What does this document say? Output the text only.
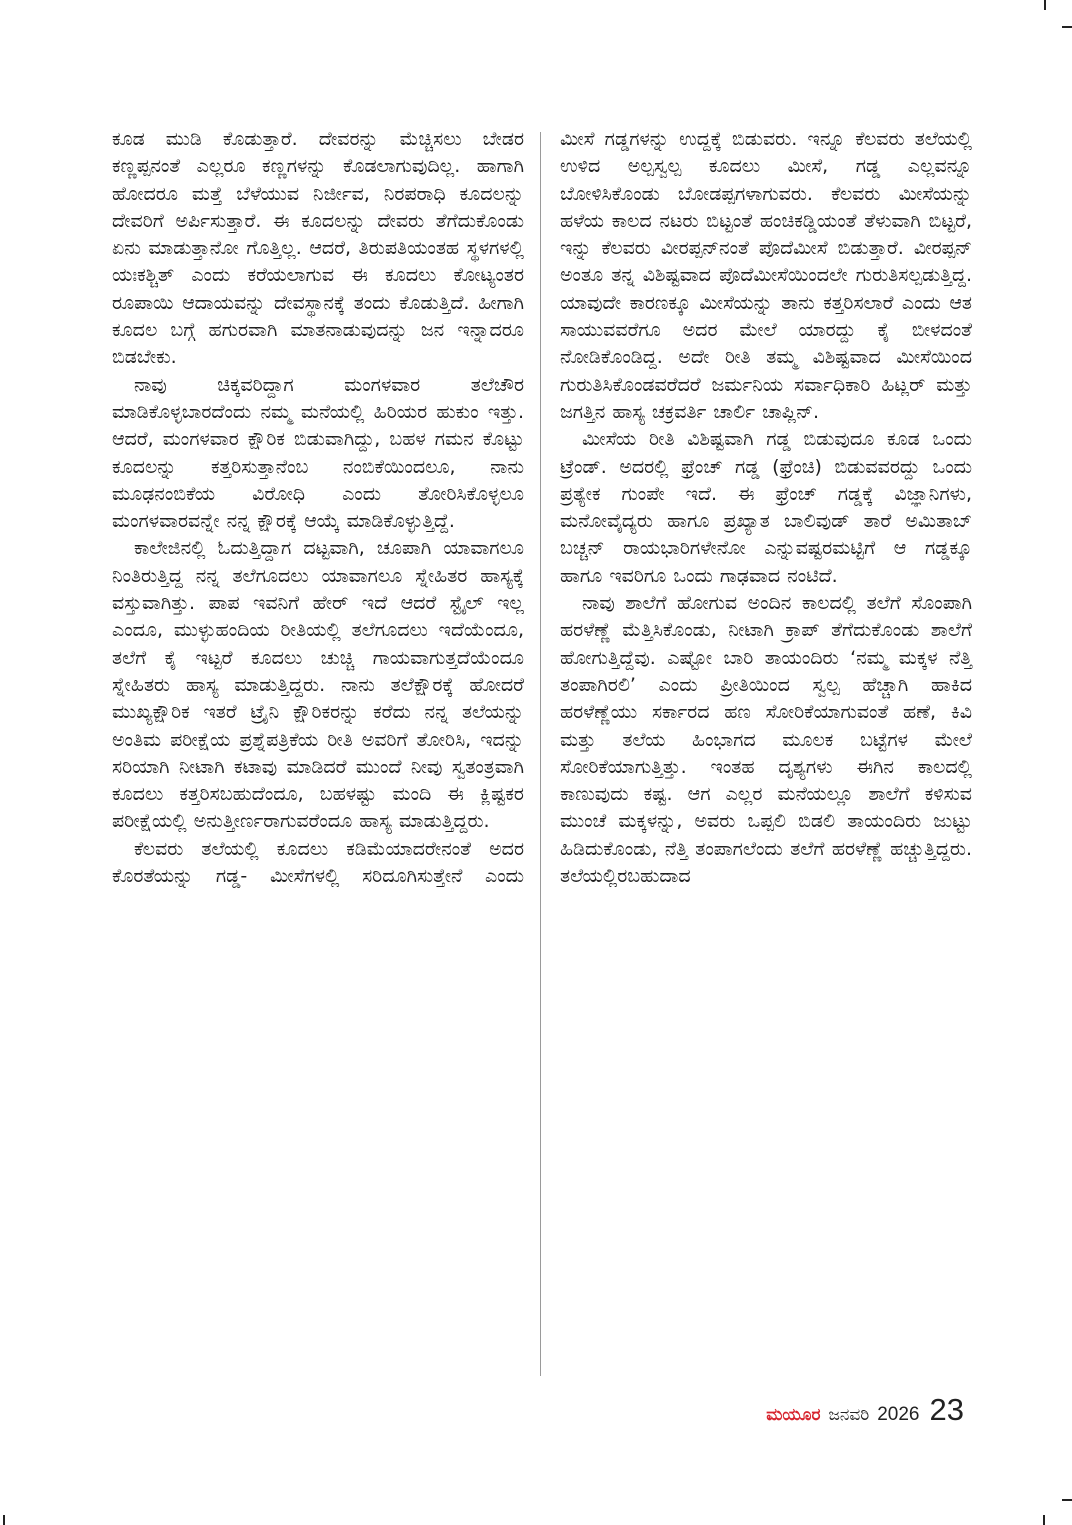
ಕೂಡ ಮುಡಿ ಕೊಡುತ್ತಾರೆ. ದೇವರನ್ನು ಮೆಚ್ಚಿಸಲು ಬೇಡರ ಕಣ್ಣಪ್ಪನಂತೆ ಎಲ್ಲರೂ ಕಣ್ಣಗಳನ್ನು ಕೊಡಲಾಗುವುದಿಲ್ಲ. ಹಾಗಾಗಿ ಹೋದರೂ ಮತ್ತೆ ಬೆಳೆಯುವ ನಿರ್ಜೀವ, ನಿರಪರಾಧಿ ಕೂದಲನ್ನು ದೇವರಿಗೆ ಅರ್ಪಿಸುತ್ತಾರೆ. ಈ ಕೂದಲನ್ನು ದೇವರು ತೆಗೆದುಕೊಂಡು ಏನು ಮಾಡುತ್ತಾನೋ ಗೊತ್ತಿಲ್ಲ. ಆದರೆ, ತಿರುಪತಿಯಂತಹ ಸ್ಥಳಗಳಲ್ಲಿ ಯಃಕಶ್ಚಿತ್ ಎಂದು ಕರೆಯಲಾಗುವ ಈ ಕೂದಲು ಕೋಟ್ಯಂತರ ರೂಪಾಯಿ ಆದಾಯವನ್ನು ದೇವಸ್ಥಾನಕ್ಕೆ ತಂದು ಕೊಡುತ್ತಿದೆ. ಹೀಗಾಗಿ ಕೂದಲ ಬಗ್ಗೆ ಹಗುರವಾಗಿ ಮಾತನಾಡುವುದನ್ನು ಜನ ಇನ್ನಾದರೂ ಬಿಡಬೇಕು.

ನಾವು ಚಿಕ್ಕವರಿದ್ದಾಗ ಮಂಗಳವಾರ ತಲೆಚೌರ ಮಾಡಿಕೊಳ್ಳಬಾರದೆಂದು ನಮ್ಮ ಮನೆಯಲ್ಲಿ ಹಿರಿಯರ ಹುಕುಂ ಇತ್ತು. ಆದರೆ, ಮಂಗಳವಾರ ಕ್ಷೌರಿಕ ಬಿಡುವಾಗಿದ್ದು, ಬಹಳ ಗಮನ ಕೊಟ್ಟು ಕೂದಲನ್ನು ಕತ್ತರಿಸುತ್ತಾನೆಂಬ ನಂಬಿಕೆಯಿಂದಲೂ, ನಾನು ಮೂಢನಂಬಿಕೆಯ ವಿರೋಧಿ ಎಂದು ತೋರಿಸಿಕೊಳ್ಳಲೂ ಮಂಗಳವಾರವನ್ನೇ ನನ್ನ ಕ್ಷೌರಕ್ಕೆ ಆಯ್ಕೆ ಮಾಡಿಕೊಳ್ಳುತ್ತಿದ್ದೆ.

ಕಾಲೇಜಿನಲ್ಲಿ ಓದುತ್ತಿದ್ದಾಗ ದಟ್ಟವಾಗಿ, ಚೂಪಾಗಿ ಯಾವಾಗಲೂ ನಿಂತಿರುತ್ತಿದ್ದ ನನ್ನ ತಲೆಗೂದಲು ಯಾವಾಗಲೂ ಸ್ನೇಹಿತರ ಹಾಸ್ಯಕ್ಕೆ ವಸ್ತುವಾಗಿತ್ತು. ಪಾಪ ಇವನಿಗೆ ಹೇರ್ ಇದೆ ಆದರೆ ಸ್ಟೈಲ್ ಇಲ್ಲ ಎಂದೂ, ಮುಳ್ಳುಹಂದಿಯ ರೀತಿಯಲ್ಲಿ ತಲೆಗೂದಲು ಇದೆಯೆಂದೂ, ತಲೆಗೆ ಕೈ ಇಟ್ಟರೆ ಕೂದಲು ಚುಚ್ಚಿ ಗಾಯವಾಗುತ್ತದೆಯೆಂದೂ ಸ್ನೇಹಿತರು ಹಾಸ್ಯ ಮಾಡುತ್ತಿದ್ದರು. ನಾನು ತಲೆಕ್ಷೌರಕ್ಕೆ ಹೋದರೆ ಮುಖ್ಯಕ್ಷೌರಿಕ ಇತರೆ ಟ್ರೈನಿ ಕ್ಷೌರಿಕರನ್ನು ಕರೆದು ನನ್ನ ತಲೆಯನ್ನು ಅಂತಿಮ ಪರೀಕ್ಷೆಯ ಪ್ರಶ್ನೆಪತ್ರಿಕೆಯ ರೀತಿ ಅವರಿಗೆ ತೋರಿಸಿ, ಇದನ್ನು ಸರಿಯಾಗಿ ನೀಟಾಗಿ ಕಟಾವು ಮಾಡಿದರೆ ಮುಂದೆ ನೀವು ಸ್ವತಂತ್ರವಾಗಿ ಕೂದಲು ಕತ್ತರಿಸಬಹುದೆಂದೂ, ಬಹಳಷ್ಟು ಮಂದಿ ಈ ಕ್ಲಿಷ್ಟಕರ ಪರೀಕ್ಷೆಯಲ್ಲಿ ಅನುತ್ತೀರ್ಣರಾಗುವರೆಂದೂ ಹಾಸ್ಯ ಮಾಡುತ್ತಿದ್ದರು.

ಕೆಲವರು ತಲೆಯಲ್ಲಿ ಕೂದಲು ಕಡಿಮೆಯಾದರೇನಂತೆ ಅದರ ಕೊರತೆಯನ್ನು ಗಡ್ಡ- ಮೀಸೆಗಳಲ್ಲಿ ಸರಿದೂಗಿಸುತ್ತೇನೆ ಎಂದು

ಮೀಸೆ ಗಡ್ಡಗಳನ್ನು ಉದ್ದಕ್ಕೆ ಬಿಡುವರು. ಇನ್ನೂ ಕೆಲವರು ತಲೆಯಲ್ಲಿ ಉಳಿದ ಅಲ್ಪಸ್ವಲ್ಪ ಕೂದಲು ಮೀಸೆ, ಗಡ್ಡ ಎಲ್ಲವನ್ನೂ ಬೋಳಿಸಿಕೊಂಡು ಬೋಡಪ್ಪಗಳಾಗುವರು. ಕೆಲವರು ಮೀಸೆಯನ್ನು ಹಳೆಯ ಕಾಲದ ನಟರು ಬಿಟ್ಟಂತೆ ಹಂಚಿಕಡ್ಡಿಯಂತೆ ತೆಳುವಾಗಿ ಬಿಟ್ಟರೆ, ಇನ್ನು ಕೆಲವರು ವೀರಪ್ಪನ್‌ನಂತೆ ಪೊದೆಮೀಸೆ ಬಿಡುತ್ತಾರೆ. ವೀರಪ್ಪನ್ ಅಂತೂ ತನ್ನ ವಿಶಿಷ್ಟವಾದ ಪೊದೆಮೀಸೆಯಿಂದಲೇ ಗುರುತಿಸಲ್ಪಡುತ್ತಿದ್ದ. ಯಾವುದೇ ಕಾರಣಕ್ಕೂ ಮೀಸೆಯನ್ನು ತಾನು ಕತ್ತರಿಸಲಾರೆ ಎಂದು ಆತ ಸಾಯುವವರೆಗೂ ಅದರ ಮೇಲೆ ಯಾರದ್ದು ಕೈ ಬೀಳದಂತೆ ನೋಡಿಕೊಂಡಿದ್ದ. ಅದೇ ರೀತಿ ತಮ್ಮ ವಿಶಿಷ್ಟವಾದ ಮೀಸೆಯಿಂದ ಗುರುತಿಸಿಕೊಂಡವರೆದರೆ ಜರ್ಮನಿಯ ಸರ್ವಾಧಿಕಾರಿ ಹಿಟ್ಲರ್ ಮತ್ತು ಜಗತ್ತಿನ ಹಾಸ್ಯ ಚಕ್ರವರ್ತಿ ಚಾರ್ಲಿ ಚಾಪ್ಲಿನ್.

ಮೀಸೆಯ ರೀತಿ ವಿಶಿಷ್ಟವಾಗಿ ಗಡ್ಡ ಬಿಡುವುದೂ ಕೂಡ ಒಂದು ಟ್ರೆಂಡ್. ಅದರಲ್ಲಿ ಫ್ರೆಂಚ್ ಗಡ್ಡ (ಫ್ರೆಂಚಿ) ಬಿಡುವವರದ್ದು ಒಂದು ಪ್ರತ್ಯೇಕ ಗುಂಪೇ ಇದೆ. ಈ ಫ್ರೆಂಚ್ ಗಡ್ಡಕ್ಕೆ ವಿಜ್ಞಾನಿಗಳು, ಮನೋವೈದ್ಯರು ಹಾಗೂ ಪ್ರಖ್ಯಾತ ಬಾಲಿವುಡ್ ತಾರೆ ಅಮಿತಾಬ್ ಬಚ್ಚನ್ ರಾಯಭಾರಿಗಳೇನೋ ಎನ್ನುವಷ್ಟರಮಟ್ಟಿಗೆ ಆ ಗಡ್ಡಕ್ಕೂ ಹಾಗೂ ಇವರಿಗೂ ಒಂದು ಗಾಢವಾದ ನಂಟಿದೆ.

ನಾವು ಶಾಲೆಗೆ ಹೋಗುವ ಅಂದಿನ ಕಾಲದಲ್ಲಿ ತಲೆಗೆ ಸೊಂಪಾಗಿ ಹರಳೆಣ್ಣೆ ಮೆತ್ತಿಸಿಕೊಂಡು, ನೀಟಾಗಿ ಕ್ರಾಪ್ ತೆಗೆದುಕೊಂಡು ಶಾಲೆಗೆ ಹೋಗುತ್ತಿದ್ದೆವು. ಎಷ್ಟೋ ಬಾರಿ ತಾಯಂದಿರು ‘ನಮ್ಮ ಮಕ್ಕಳ ನೆತ್ತಿ ತಂಪಾಗಿರಲಿ’ ಎಂದು ಪ್ರೀತಿಯಿಂದ ಸ್ವಲ್ಪ ಹೆಚ್ಚಾಗಿ ಹಾಕಿದ ಹರಳೆಣ್ಣೆಯು ಸರ್ಕಾರದ ಹಣ ಸೋರಿಕೆಯಾಗುವಂತೆ ಹಣೆ, ಕಿವಿ ಮತ್ತು ತಲೆಯ ಹಿಂಭಾಗದ ಮೂಲಕ ಬಟ್ಟೆಗಳ ಮೇಲೆ ಸೋರಿಕೆಯಾಗುತ್ತಿತ್ತು. ಇಂತಹ ದೃಶ್ಯಗಳು ಈಗಿನ ಕಾಲದಲ್ಲಿ ಕಾಣುವುದು ಕಷ್ಟ. ಆಗ ಎಲ್ಲರ ಮನೆಯಲ್ಲೂ ಶಾಲೆಗೆ ಕಳಿಸುವ ಮುಂಚೆ ಮಕ್ಕಳನ್ನು, ಅವರು ಒಪ್ಪಲಿ ಬಿಡಲಿ ತಾಯಂದಿರು ಜುಟ್ಟು ಹಿಡಿದುಕೊಂಡು, ನೆತ್ತಿ ತಂಪಾಗಲೆಂದು ತಲೆಗೆ ಹರಳೆಣ್ಣೆ ಹಚ್ಚುತ್ತಿದ್ದರು. ತಲೆಯಲ್ಲಿರಬಹುದಾದ

ಮಯೂರ ಜನವರಿ 2026 23
